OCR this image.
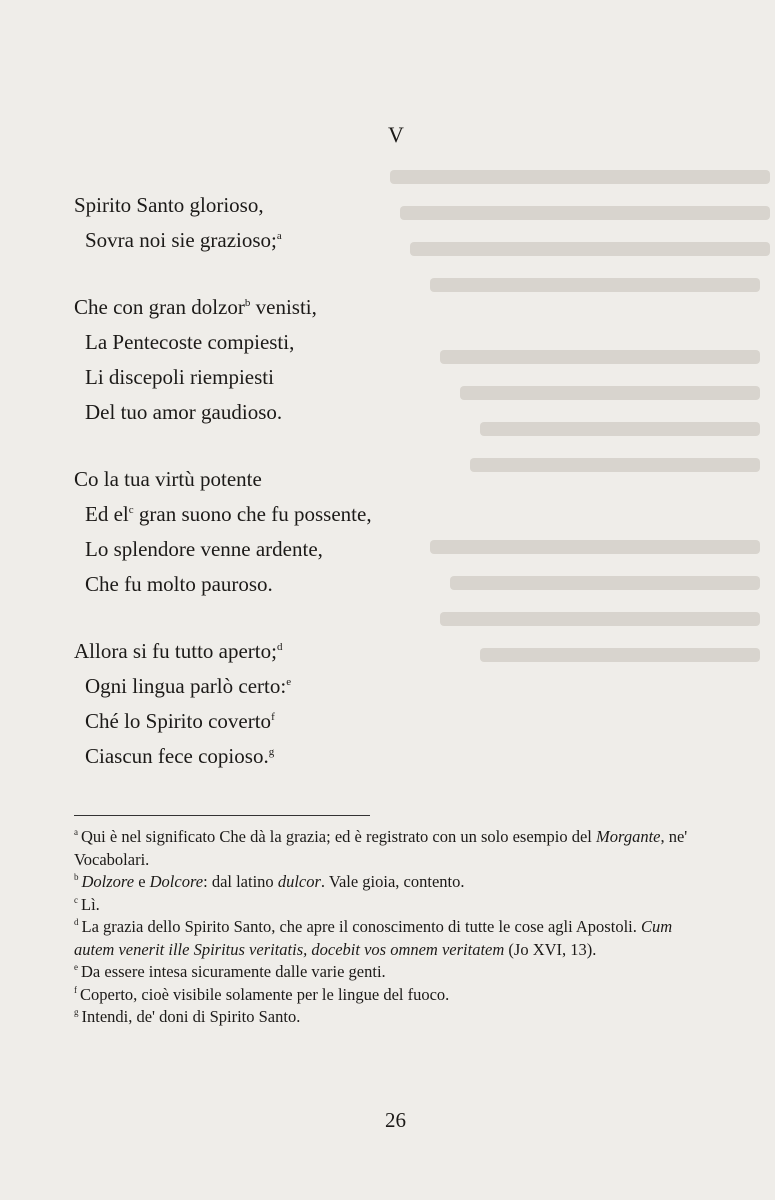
V
Spirito Santo glorioso,
Sovra noi sie grazioso;$^a$
Che con gran dolzor$^b$ venisti,
La Pentecoste compiesti,
Li discepoli riempiesti
Del tuo amor gaudioso.
Co la tua virtù potente
Ed $el^c$ gran suono che fu possente,
Lo splendore venne ardente,
Che fu molto pauroso.
Allora si fu tutto aperto;$^d$
Ogni lingua parlò certo:$^e$
Ché lo Spirito coverto$^f$
Ciascun fece copioso.$^g$

$^a$ Qui è nel significato Che dà la grazia; ed è registrato con un solo esempio del Morgante, ne' Vocabolari.

$^b$ Dolzore e Dolcore: dal latino dulcor. Vale gioia, contento.

$^c$ Lì.

$^d$ La grazia dello Spirito Santo, che apre il conoscimento di tutte le cose agli Apostoli. Cum autem venerit ille Spiritus veritatis, docebit vos omnem veritatem (Jo XVI, 13).

$^e$ Da essere intesa sicuramente dalle varie genti.

$^f$ Coperto, cioè visibile solamente per le lingue del fuoco.

$^g$ Intendi, de' doni di Spirito Santo.

26
